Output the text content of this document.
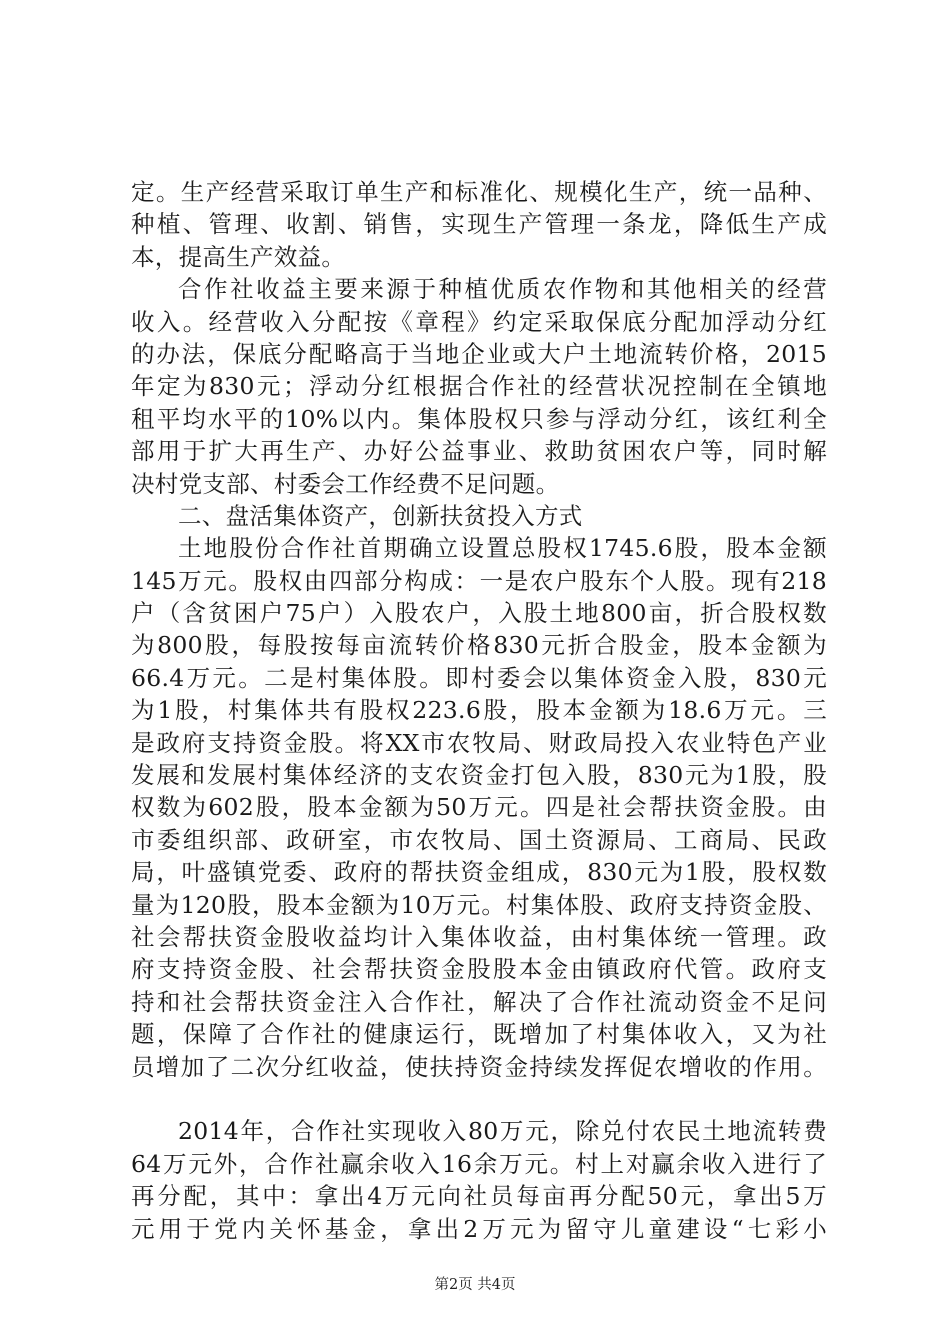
定。生产经营采取订单生产和标准化、规模化生产，统一品种、
种植、管理、收割、销售，实现生产管理一条龙，降低生产成
本，提高生产效益。
合作社收益主要来源于种植优质农作物和其他相关的经营
收入。经营收入分配按《章程》约定采取保底分配加浮动分红
的办法，保底分配略高于当地企业或大户土地流转价格，2015
年定为830元；浮动分红根据合作社的经营状况控制在全镇地
租平均水平的10%以内。集体股权只参与浮动分红，该红利全
部用于扩大再生产、办好公益事业、救助贫困农户等，同时解
决村党支部、村委会工作经费不足问题。
二、盘活集体资产，创新扶贫投入方式
土地股份合作社首期确立设置总股权1745.6股，股本金额
145万元。股权由四部分构成：一是农户股东个人股。现有218
户（含贫困户75户）入股农户，入股土地800亩，折合股权数
为800股，每股按每亩流转价格830元折合股金，股本金额为
66.4万元。二是村集体股。即村委会以集体资金入股，830元
为1股，村集体共有股权223.6股，股本金额为18.6万元。三
是政府支持资金股。将XX市农牧局、财政局投入农业特色产业
发展和发展村集体经济的支农资金打包入股，830元为1股，股
权数为602股，股本金额为50万元。四是社会帮扶资金股。由
市委组织部、政研室，市农牧局、国土资源局、工商局、民政
局，叶盛镇党委、政府的帮扶资金组成，830元为1股，股权数
量为120股，股本金额为10万元。村集体股、政府支持资金股、
社会帮扶资金股收益均计入集体收益，由村集体统一管理。政
府支持资金股、社会帮扶资金股股本金由镇政府代管。政府支
持和社会帮扶资金注入合作社，解决了合作社流动资金不足问
题，保障了合作社的健康运行，既增加了村集体收入，又为社
员增加了二次分红收益，使扶持资金持续发挥促农增收的作用。
2014年，合作社实现收入80万元，除兑付农民土地流转费
64万元外，合作社赢余收入16余万元。村上对赢余收入进行了
再分配，其中：拿出4万元向社员每亩再分配50元，拿出5万
元用于党内关怀基金，拿出2万元为留守儿童建设“七彩小
第2页 共4页
